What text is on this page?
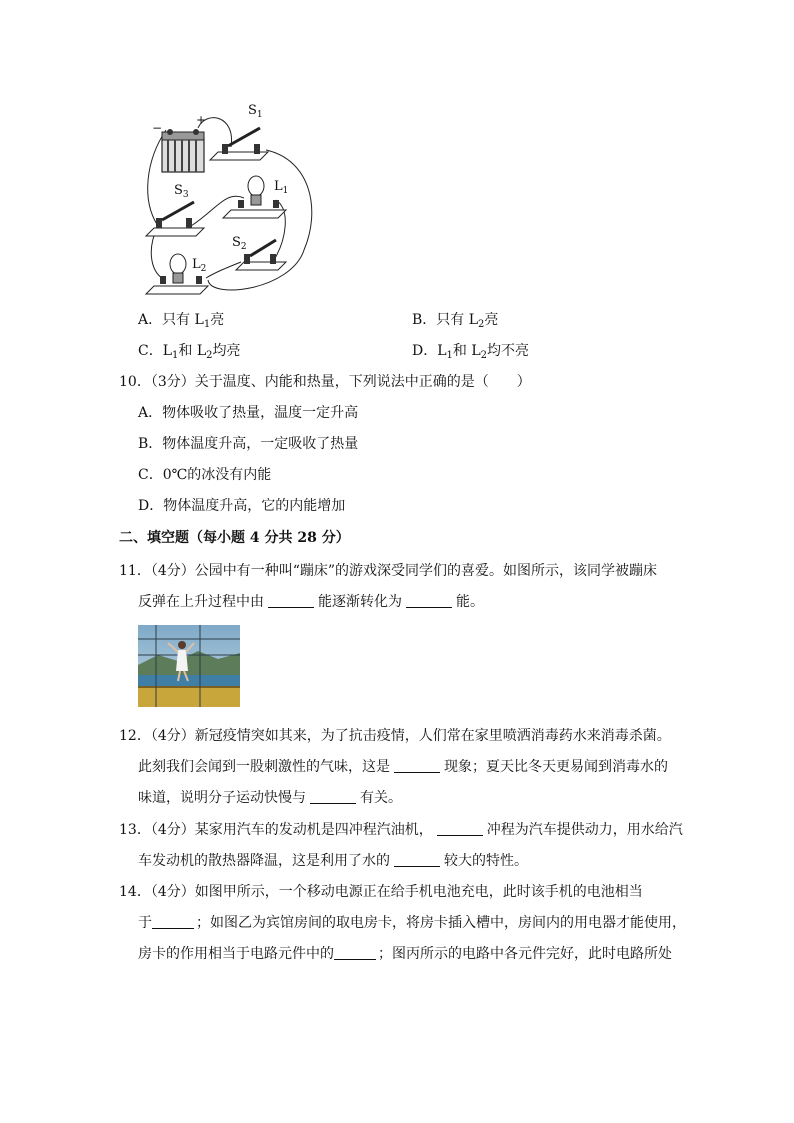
−
+
$S_1$
$L_1$
$S_3$
$S_2$
$L_2$
A．只有 $L_1$亮	B．只有 $L_2$亮
C．$L_1$和 $L_2$均亮	D．$L_1$和 $L_2$均不亮
10．（3分）关于温度、内能和热量，下列说法中正确的是（　　）
A．物体吸收了热量，温度一定升高
B．物体温度升高，一定吸收了热量
C．0℃的冰没有内能
D．物体温度升高，它的内能增加
二、填空题（每小题 4 分共 28 分）
11．（4分）公园中有一种叫“蹦床”的游戏深受同学们的喜爱。如图所示，该同学被蹦床
反弹在上升过程中由	能逐渐转化为	能。
12．（4分）新冠疫情突如其来，为了抗击疫情，人们常在家里喷洒消毒药水来消毒杀菌。
此刻我们会闻到一股刺激性的气味，这是	现象；夏天比冬天更易闻到消毒水的
味道，说明分子运动快慢与	有关。
13．（4分）某家用汽车的发动机是四冲程汽油机，	冲程为汽车提供动力，用水给汽
车发动机的散热器降温，这是利用了水的	较大的特性。
14．（4分）如图甲所示，一个移动电源正在给手机电池充电，此时该手机的电池相当
于	；如图乙为宾馆房间的取电房卡，将房卡插入槽中，房间内的用电器才能使用，
房卡的作用相当于电路元件中的	；图丙所示的电路中各元件完好，此时电路所处
